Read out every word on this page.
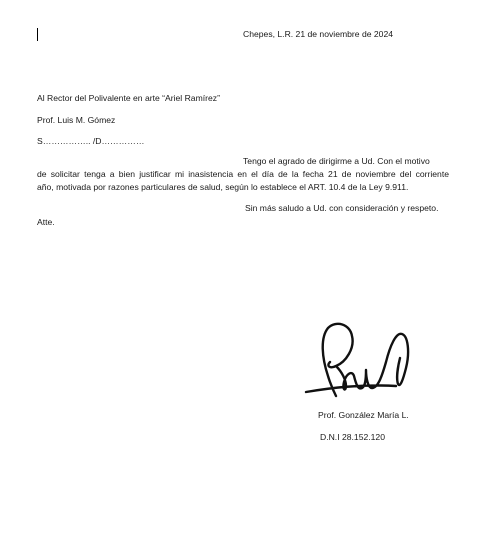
Chepes, L.R. 21 de noviembre de 2024
Al Rector del Polivalente en arte “Ariel Ramírez”
Prof. Luis M. Gómez
S…………….. /D……………
Tengo el agrado de dirigirme a Ud. Con el motivo
de solicitar tenga a bien justificar mi inasistencia en el día de la fecha 21 de noviembre del corriente
año, motivada por razones particulares de salud, según lo establece el ART. 10.4 de la Ley 9.911.
Sin más saludo a Ud. con consideración y respeto.
Atte.
Prof. González María L.
D.N.I 28.152.120
